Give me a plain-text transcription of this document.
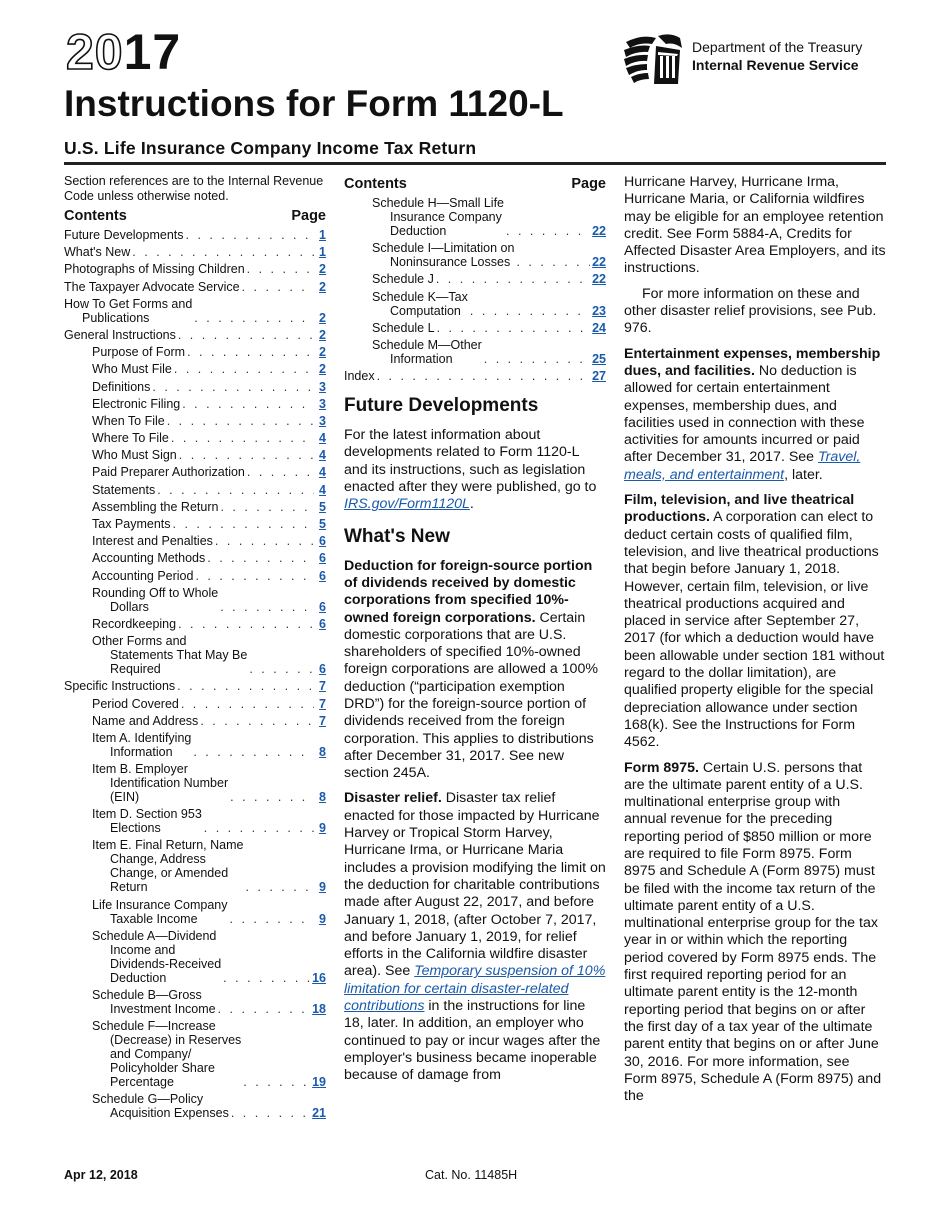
2017
Instructions for Form 1120-L
U.S. Life Insurance Company Income Tax Return
Department of the Treasury
Internal Revenue Service
Section references are to the Internal Revenue Code unless otherwise noted.
Contents	Page
Future Developments . . .	1
What's New . . .	1
Photographs of Missing Children . . .	2
The Taxpayer Advocate Service . . .	2
How To Get Forms and
Publications . . .	2
General Instructions . . .	2
Purpose of Form . . .	2
Who Must File . . .	2
Definitions . . .	3
Electronic Filing . . .	3
When To File . . .	3
Where To File . . .	4
Who Must Sign . . .	4
Paid Preparer Authorization . . .	4
Statements . . .	4
Assembling the Return . . .	5
Tax Payments . . .	5
Interest and Penalties . . .	6
Accounting Methods . . .	6
Accounting Period . . .	6
Rounding Off to Whole
Dollars . . .	6
Recordkeeping . . .	6
Other Forms and
Statements That May Be
Required . . .	6
Specific Instructions . . .	7
Period Covered . . .	7
Name and Address . . .	7
Item A. Identifying
Information . . .	8
Item B. Employer
Identification Number
(EIN) . . .	8
Item D. Section 953
Elections . . .	9
Item E. Final Return, Name
Change, Address
Change, or Amended
Return . . .	9
Life Insurance Company
Taxable Income . . .	9
Schedule A—Dividend
Income and
Dividends-Received
Deduction . . .	16
Schedule B—Gross
Investment Income . . .	18
Schedule F—Increase
(Decrease) in Reserves
and Company/
Policyholder Share
Percentage . . .	19
Schedule G—Policy
Acquisition Expenses . . .	21
Contents	Page
Schedule H—Small Life
Insurance Company
Deduction . . .	22
Schedule I—Limitation on
Noninsurance Losses . . .	22
Schedule J . . .	22
Schedule K—Tax
Computation . . .	23
Schedule L . . .	24
Schedule M—Other
Information . . .	25
Index . . .	27
Future Developments

For the latest information about developments related to Form 1120-L and its instructions, such as legislation enacted after they were published, go to IRS.gov/Form1120L.

What's New

Deduction for foreign-source portion of dividends received by domestic corporations from specified 10%-owned foreign corporations. Certain domestic corporations that are U.S. shareholders of specified 10%-owned foreign corporations are allowed a 100% deduction (“participation exemption DRD”) for the foreign-source portion of dividends received from the foreign corporation. This applies to distributions after December 31, 2017. See new section 245A.

Disaster relief. Disaster tax relief enacted for those impacted by Hurricane Harvey or Tropical Storm Harvey, Hurricane Irma, or Hurricane Maria includes a provision modifying the limit on the deduction for charitable contributions made after August 22, 2017, and before January 1, 2018, (after October 7, 2017, and before January 1, 2019, for relief efforts in the California wildfire disaster area). See Temporary suspension of 10% limitation for certain disaster-related contributions in the instructions for line 18, later. In addition, an employer who continued to pay or incur wages after the employer's business became inoperable because of damage from

Hurricane Harvey, Hurricane Irma, Hurricane Maria, or California wildfires may be eligible for an employee retention credit. See Form 5884-A, Credits for Affected Disaster Area Employers, and its instructions.

For more information on these and other disaster relief provisions, see Pub. 976.

Entertainment expenses, membership dues, and facilities. No deduction is allowed for certain entertainment expenses, membership dues, and facilities used in connection with these activities for amounts incurred or paid after December 31, 2017. See Travel, meals, and entertainment, later.

Film, television, and live theatrical productions. A corporation can elect to deduct certain costs of qualified film, television, and live theatrical productions that begin before January 1, 2018. However, certain film, television, or live theatrical productions acquired and placed in service after September 27, 2017 (for which a deduction would have been allowable under section 181 without regard to the dollar limitation), are qualified property eligible for the special depreciation allowance under section 168(k). See the Instructions for Form 4562.

Form 8975. Certain U.S. persons that are the ultimate parent entity of a U.S. multinational enterprise group with annual revenue for the preceding reporting period of $850 million or more are required to file Form 8975. Form 8975 and Schedule A (Form 8975) must be filed with the income tax return of the ultimate parent entity of a U.S. multinational enterprise group for the tax year in or within which the reporting period covered by Form 8975 ends. The first required reporting period for an ultimate parent entity is the 12-month reporting period that begins on or after the first day of a tax year of the ultimate parent entity that begins on or after June 30, 2016. For more information, see Form 8975, Schedule A (Form 8975) and the

Apr 12, 2018	Cat. No. 11485H
